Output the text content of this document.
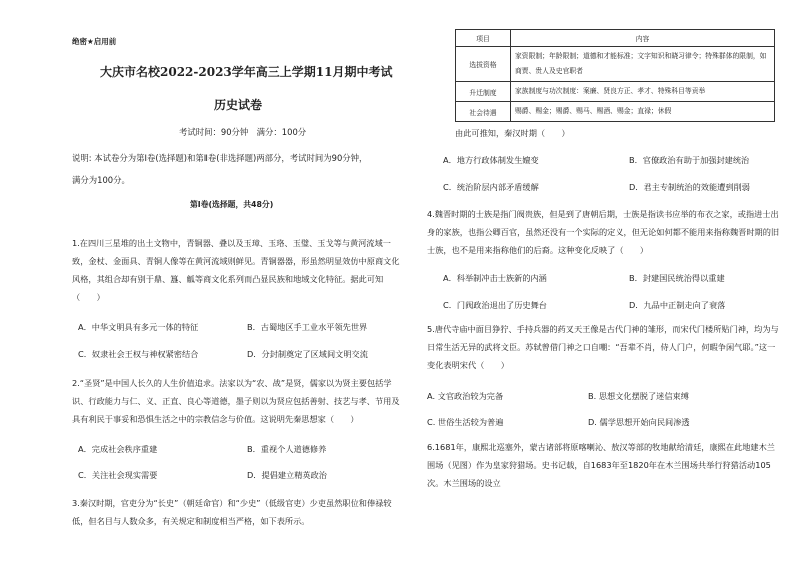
绝密★启用前
大庆市名校2022-2023学年高三上学期11月期中考试
历史试卷
考试时间：90分钟　满分：100分
说明: 本试卷分为第Ⅰ卷(选择题)和第Ⅱ卷(非选择题)两部分，考试时间为90分钟，
满分为100分。
第Ⅰ卷(选择题，共48分)
1.在四川三星堆的出土文物中，青铜器、叠以及玉璋、玉珞、玉璧、玉戈等与黄河流域一致，金杖、金面具、青铜人像等在黄河流域则鲜见。青铜器器，形虽然明显效仿中原商文化风格，其组合却有别于鼎、簋、觚等商文化系列而凸显民族和地域文化特征。据此可知（　　）
A．中华文明具有多元一体的特征	B．古蜀地区手工业水平领先世界
C．奴隶社会王权与神权紧密结合	D．分封制奠定了区域间文明交流
2.“圣贤”是中国人长久的人生价值追求。法家以为“农、战”是贤，儒家以为贤主要包括学识、行政能力与仁、义、正直、良心等道德，墨子则以为贤应包括善射、技艺与孝、节用及具有利民于事妥和恐惧生活之中的宗教信念与价值。这说明先秦思想家（　　）
A．完成社会秩序重建	B．重视个人道德修养
C．关注社会现实需要	D．提倡建立精英政治
3.秦汉时期，官吏分为“长史”（朝廷命官）和“少史”（低级官吏）少吏虽然职位和俸禄较低，但名目与人数众多，有关规定和制度相当严格，如下表所示。
项目	内容
选拔资格	家资限制；年龄限制；道德和才能标准；文字知识和晓习律令；特殊群体的限制，如商贾、贵人及史官职者
升迁制度	家族制度与功次制度：案廉、贤良方正、孝才、特殊科目等贡举
社会待遇	赐爵、赐金；赐爵、赐马、赐酒、赐金；直禄；休假
由此可推知，秦汉时期（　　）
A．地方行政体制发生嬗变	B．官僚政治有助于加强封建统治
C．统治阶层内部矛盾缓解	D．君主专制统治的效能遭到削弱
4.魏晋时期的士族是指门阀贵族，但是到了唐朝后期，士族是指读书应举的布衣之家，或指进士出身的家族，也指公卿百官，虽然还没有一个实际的定义，但无论如何都不能用来指称魏晋时期的旧士族，也不是用来指称他们的后裔。这种变化反映了（　　）
A．科举制冲击士族新的内涵	B．封建国民统治得以重建
C．门阀政治退出了历史舞台	D．九品中正制走向了衰落
5.唐代寺庙中面目狰狞、手持兵器的药叉天王像是古代门神的雏形，而宋代门楼所贴门神，均为与日常生活无异的武将文臣。苏轼曾借门神之口自嘲：“吾辈不肖，侍人门户，何暇争闲气耶。”这一变化表明宋代（　　）
A. 文官政治较为完备	B. 思想文化摆脱了迷信束缚
C. 世俗生活较为普遍	D. 儒学思想开始向民间渗透
6.1681年，康熙北巡塞外，蒙古诸部将原喀喇沁、敖汉等部的牧地献给清廷，康熙在此地建木兰围场（见图）作为皇家狩猎场。史书记载，自1683年至1820年在木兰围场共举行狩猎活动105次。木兰围场的设立
